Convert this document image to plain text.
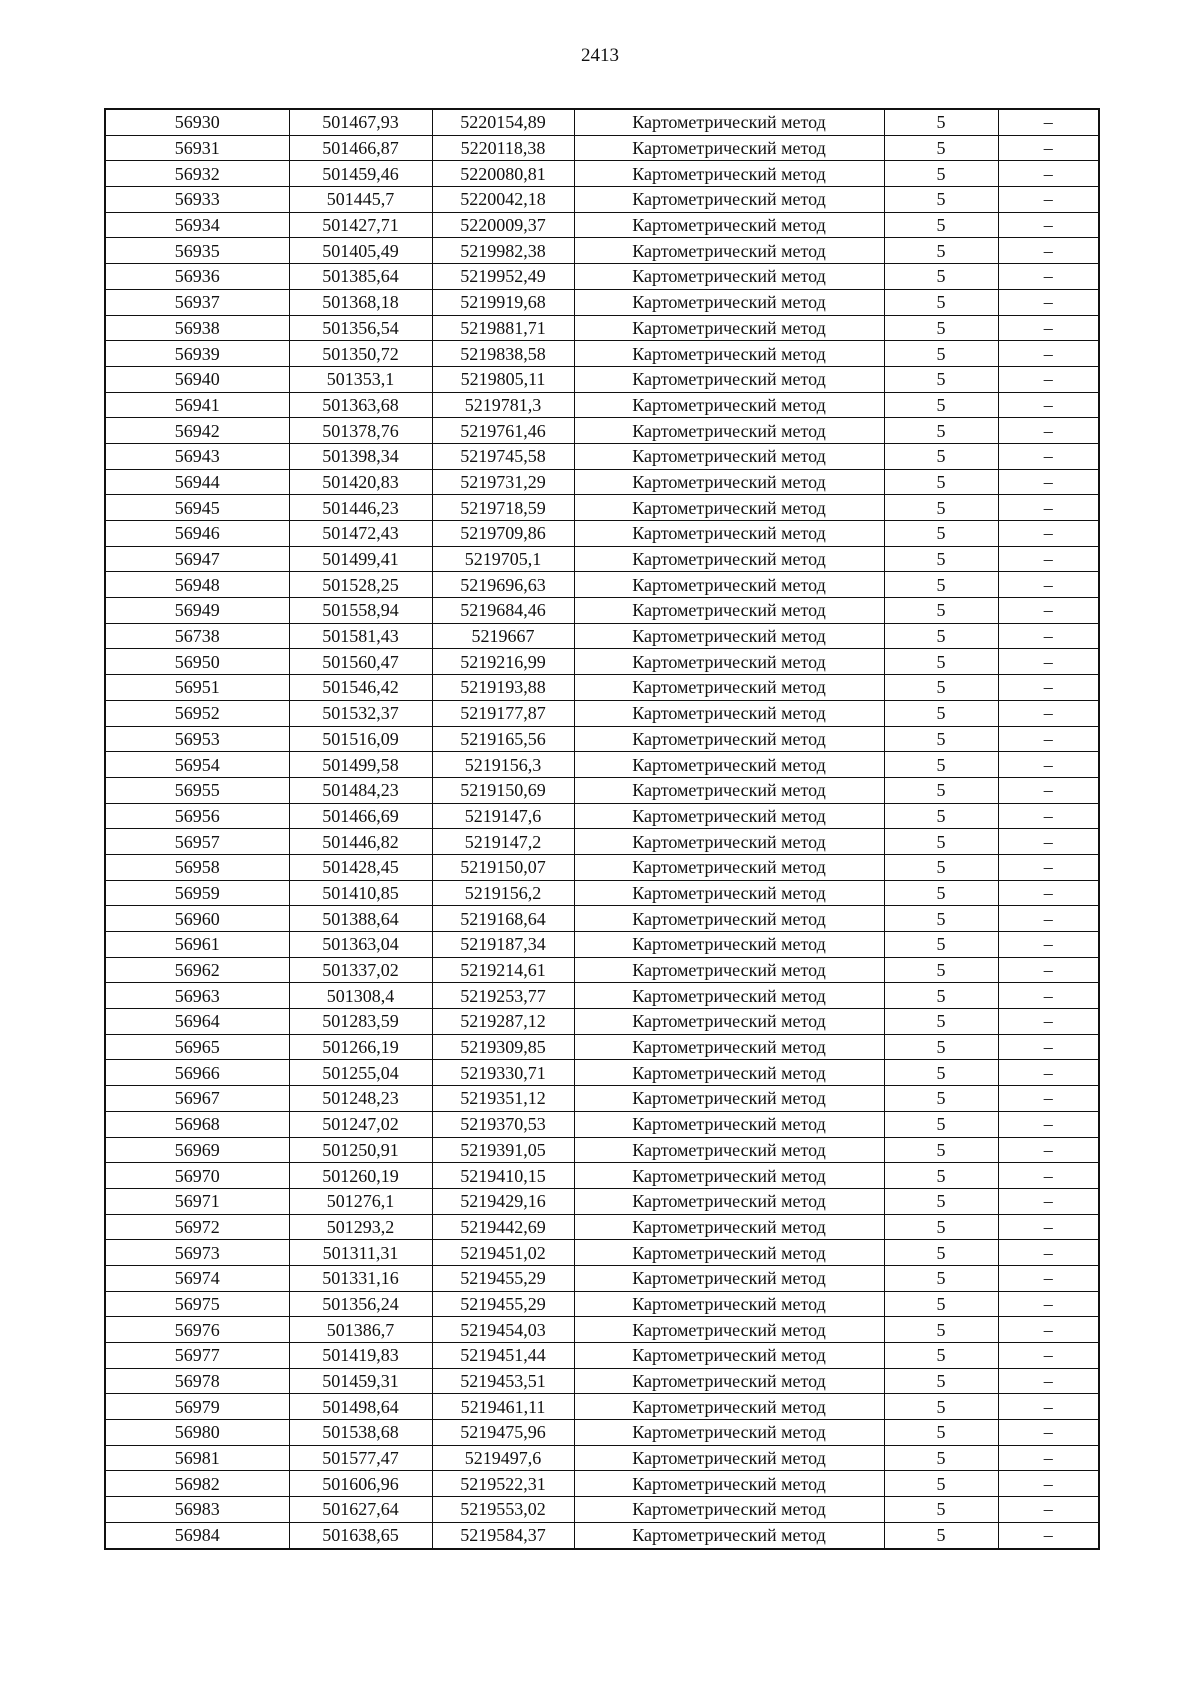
2413
56930	501467,93	5220154,89	Картометрический метод	5	–
56931	501466,87	5220118,38	Картометрический метод	5	–
56932	501459,46	5220080,81	Картометрический метод	5	–
56933	501445,7	5220042,18	Картометрический метод	5	–
56934	501427,71	5220009,37	Картометрический метод	5	–
56935	501405,49	5219982,38	Картометрический метод	5	–
56936	501385,64	5219952,49	Картометрический метод	5	–
56937	501368,18	5219919,68	Картометрический метод	5	–
56938	501356,54	5219881,71	Картометрический метод	5	–
56939	501350,72	5219838,58	Картометрический метод	5	–
56940	501353,1	5219805,11	Картометрический метод	5	–
56941	501363,68	5219781,3	Картометрический метод	5	–
56942	501378,76	5219761,46	Картометрический метод	5	–
56943	501398,34	5219745,58	Картометрический метод	5	–
56944	501420,83	5219731,29	Картометрический метод	5	–
56945	501446,23	5219718,59	Картометрический метод	5	–
56946	501472,43	5219709,86	Картометрический метод	5	–
56947	501499,41	5219705,1	Картометрический метод	5	–
56948	501528,25	5219696,63	Картометрический метод	5	–
56949	501558,94	5219684,46	Картометрический метод	5	–
56738	501581,43	5219667	Картометрический метод	5	–
56950	501560,47	5219216,99	Картометрический метод	5	–
56951	501546,42	5219193,88	Картометрический метод	5	–
56952	501532,37	5219177,87	Картометрический метод	5	–
56953	501516,09	5219165,56	Картометрический метод	5	–
56954	501499,58	5219156,3	Картометрический метод	5	–
56955	501484,23	5219150,69	Картометрический метод	5	–
56956	501466,69	5219147,6	Картометрический метод	5	–
56957	501446,82	5219147,2	Картометрический метод	5	–
56958	501428,45	5219150,07	Картометрический метод	5	–
56959	501410,85	5219156,2	Картометрический метод	5	–
56960	501388,64	5219168,64	Картометрический метод	5	–
56961	501363,04	5219187,34	Картометрический метод	5	–
56962	501337,02	5219214,61	Картометрический метод	5	–
56963	501308,4	5219253,77	Картометрический метод	5	–
56964	501283,59	5219287,12	Картометрический метод	5	–
56965	501266,19	5219309,85	Картометрический метод	5	–
56966	501255,04	5219330,71	Картометрический метод	5	–
56967	501248,23	5219351,12	Картометрический метод	5	–
56968	501247,02	5219370,53	Картометрический метод	5	–
56969	501250,91	5219391,05	Картометрический метод	5	–
56970	501260,19	5219410,15	Картометрический метод	5	–
56971	501276,1	5219429,16	Картометрический метод	5	–
56972	501293,2	5219442,69	Картометрический метод	5	–
56973	501311,31	5219451,02	Картометрический метод	5	–
56974	501331,16	5219455,29	Картометрический метод	5	–
56975	501356,24	5219455,29	Картометрический метод	5	–
56976	501386,7	5219454,03	Картометрический метод	5	–
56977	501419,83	5219451,44	Картометрический метод	5	–
56978	501459,31	5219453,51	Картометрический метод	5	–
56979	501498,64	5219461,11	Картометрический метод	5	–
56980	501538,68	5219475,96	Картометрический метод	5	–
56981	501577,47	5219497,6	Картометрический метод	5	–
56982	501606,96	5219522,31	Картометрический метод	5	–
56983	501627,64	5219553,02	Картометрический метод	5	–
56984	501638,65	5219584,37	Картометрический метод	5	–
